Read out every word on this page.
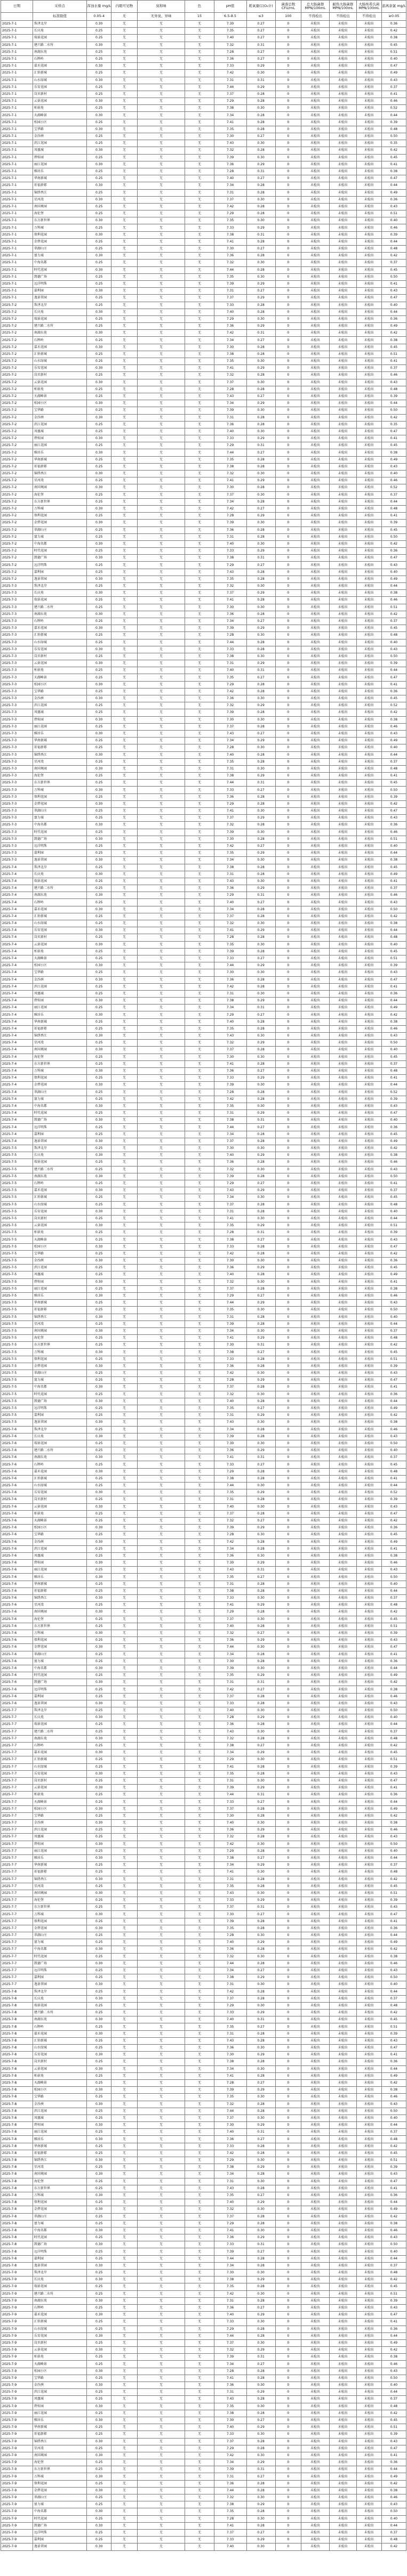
日期	采样点	浑浊水量 mg/L	内眼可见物	臭和味	色	pH值	耗氧量(以O₂计)	菌落总数 CFU/mL	总大肠菌群 MPN/100mL	耐热大肠菌群 MPN/100mL	大肠埃希氏菌 MPN/100mL	游离余氯 mg/L
	标准限值	0.05-4	无	无异臭、异味	15	6.5-8.5	≤3	100	不得检出	不得检出	不得检出	≥0.05
2025-7-1	珠泽北岸	0.30	无	无	无	7.30	0.27	0	未检出	未检出	未检出	0.36
2025-7-1	长庆苑	0.25	无	无	无	7.35	0.27	0	未检出	未检出	未检出	0.42
2025-7-1	瑞景花园	0.25	无	无	无	7.40	0.27	0	未检出	未检出	未检出	0.38
2025-7-1	建兴路二水所	0.30	无	无	无	7.32	0.31	0	未检出	未检出	未检出	0.45
2025-7-1	南湖东苑	0.25	无	无	无	7.28	0.27	0	未检出	未检出	未检出	0.51
2025-7-1	石牌岭	0.25	无	无	无	7.36	0.27	0	未检出	未检出	未检出	0.40
2025-7-1	嘉禾花园	0.30	无	无	无	7.33	0.29	0	未检出	未检出	未检出	0.47
2025-7-1	汇侨新城	0.25	无	无	无	7.42	0.30	0	未检出	未检出	未检出	0.49
2025-7-1	山水绿城	0.30	无	无	无	7.31	0.31	0	未检出	未检出	未检出	0.43
2025-7-1	乐安花园	0.25	无	无	无	7.44	0.29	0	未检出	未检出	未检出	0.37
2025-7-1	岗贝新村	0.25	无	无	无	7.37	0.28	0	未检出	未检出	未检出	0.41
2025-7-1	云景花园	0.30	无	无	无	7.29	0.28	0	未检出	未检出	未检出	0.46
2025-7-1	柏景苑	0.25	无	无	无	7.38	0.30	0	未检出	未检出	未检出	0.52
2025-7-1	天湖峰景	0.30	无	无	无	7.34	0.28	0	未检出	未检出	未检出	0.44
2025-7-1	松园小区	0.25	无	无	无	7.41	0.28	0	未检出	未检出	未检出	0.39
2025-7-1	宝华路	0.30	无	无	无	7.35	0.28	0	未检出	未检出	未检出	0.48
2025-7-1	金沙洲	0.25	无	无	无	7.30	0.27	0	未检出	未检出	未检出	0.50
2025-7-1	滨江花园	0.25	无	无	无	7.43	0.30	0	未检出	未检出	未检出	0.35
2025-7-1	凤凰城	0.30	无	无	无	7.32	0.28	0	未检出	未检出	未检出	0.42
2025-7-1	碧桂园	0.25	无	无	无	7.39	0.30	0	未检出	未检出	未检出	0.45
2025-7-1	丽江花园	0.30	无	无	无	7.36	0.29	0	未检出	未检出	未检出	0.41
2025-7-1	雅居乐	0.25	无	无	无	7.28	0.31	0	未检出	未检出	未检出	0.38
2025-7-1	华南新城	0.25	无	无	无	7.40	0.27	0	未检出	未检出	未检出	0.47
2025-7-1	祈福新邨	0.30	无	无	无	7.34	0.28	0	未检出	未检出	未检出	0.44
2025-7-1	锦绣香江	0.25	无	无	无	7.31	0.28	0	未检出	未检出	未检出	0.49
2025-7-1	星河湾	0.30	无	无	无	7.37	0.30	0	未检出	未检出	未检出	0.36
2025-7-1	南国奥园	0.25	无	无	无	7.42	0.28	0	未检出	未检出	未检出	0.43
2025-7-1	海伦堡	0.25	无	无	无	7.29	0.28	0	未检出	未检出	未检出	0.51
2025-7-1	东方新世界	0.30	无	无	无	7.35	0.30	0	未检出	未检出	未检出	0.40
2025-7-1	万科城	0.25	无	无	无	7.33	0.29	0	未检出	未检出	未检出	0.46
2025-7-1	保利花园	0.30	无	无	无	7.38	0.31	0	未检出	未检出	未检出	0.39
2025-7-1	金碧花园	0.25	无	无	无	7.41	0.28	0	未检出	未检出	未检出	0.44
2025-7-1	翠湖山庄	0.25	无	无	无	7.30	0.27	0	未检出	未检出	未检出	0.48
2025-7-1	富力城	0.30	无	无	无	7.36	0.28	0	未检出	未检出	未检出	0.42
2025-7-1	中海名都	0.25	无	无	无	7.32	0.30	0	未检出	未检出	未检出	0.37
2025-7-1	时代花园	0.30	无	无	无	7.44	0.28	0	未检出	未检出	未检出	0.45
2025-7-1	凯德广场	0.25	无	无	无	7.35	0.30	0	未检出	未检出	未检出	0.50
2025-7-1	远洋明珠	0.25	无	无	无	7.39	0.29	0	未检出	未检出	未检出	0.41
2025-7-1	嘉利园	0.30	无	无	无	7.31	0.27	0	未检出	未检出	未检出	0.43
2025-7-1	逸景翠园	0.25	无	无	无	7.37	0.29	0	未检出	未检出	未检出	0.47
2025-7-2	珠泽北岸	0.25	无	无	无	7.33	0.28	0	未检出	未检出	未检出	0.40
2025-7-2	长庆苑	0.30	无	无	无	7.40	0.28	0	未检出	未检出	未检出	0.44
2025-7-2	瑞景花园	0.25	无	无	无	7.29	0.30	0	未检出	未检出	未检出	0.36
2025-7-2	建兴路二水所	0.25	无	无	无	7.36	0.29	0	未检出	未检出	未检出	0.49
2025-7-2	南湖东苑	0.30	无	无	无	7.42	0.31	0	未检出	未检出	未检出	0.42
2025-7-2	石牌岭	0.25	无	无	无	7.34	0.27	0	未检出	未检出	未检出	0.38
2025-7-2	嘉禾花园	0.30	无	无	无	7.30	0.28	0	未检出	未检出	未检出	0.45
2025-7-2	汇侨新城	0.25	无	无	无	7.38	0.28	0	未检出	未检出	未检出	0.51
2025-7-2	山水绿城	0.25	无	无	无	7.35	0.30	0	未检出	未检出	未检出	0.41
2025-7-2	乐安花园	0.30	无	无	无	7.41	0.29	0	未检出	未检出	未检出	0.37
2025-7-2	岗贝新村	0.25	无	无	无	7.32	0.28	0	未检出	未检出	未检出	0.46
2025-7-2	云景花园	0.30	无	无	无	7.37	0.30	0	未检出	未检出	未检出	0.43
2025-7-2	柏景苑	0.25	无	无	无	7.28	0.28	0	未检出	未检出	未检出	0.48
2025-7-2	天湖峰景	0.25	无	无	无	7.43	0.27	0	未检出	未检出	未检出	0.39
2025-7-2	松园小区	0.30	无	无	无	7.34	0.29	0	未检出	未检出	未检出	0.44
2025-7-2	宝华路	0.25	无	无	无	7.39	0.30	0	未检出	未检出	未检出	0.50
2025-7-2	金沙洲	0.30	无	无	无	7.31	0.28	0	未检出	未检出	未检出	0.42
2025-7-2	滨江花园	0.25	无	无	无	7.36	0.28	0	未检出	未检出	未检出	0.35
2025-7-2	凤凰城	0.25	无	无	无	7.40	0.30	0	未检出	未检出	未检出	0.47
2025-7-2	碧桂园	0.30	无	无	无	7.33	0.29	0	未检出	未检出	未检出	0.41
2025-7-2	丽江花园	0.25	无	无	无	7.29	0.31	0	未检出	未检出	未检出	0.45
2025-7-2	雅居乐	0.30	无	无	无	7.44	0.27	0	未检出	未检出	未检出	0.38
2025-7-2	华南新城	0.25	无	无	无	7.35	0.28	0	未检出	未检出	未检出	0.49
2025-7-2	祈福新邨	0.25	无	无	无	7.38	0.28	0	未检出	未检出	未检出	0.43
2025-7-2	锦绣香江	0.30	无	无	无	7.32	0.30	0	未检出	未检出	未检出	0.40
2025-7-2	星河湾	0.25	无	无	无	7.41	0.29	0	未检出	未检出	未检出	0.46
2025-7-2	南国奥园	0.30	无	无	无	7.30	0.28	0	未检出	未检出	未检出	0.52
2025-7-2	海伦堡	0.25	无	无	无	7.37	0.30	0	未检出	未检出	未检出	0.37
2025-7-2	东方新世界	0.25	无	无	无	7.34	0.28	0	未检出	未检出	未检出	0.44
2025-7-2	万科城	0.30	无	无	无	7.42	0.27	0	未检出	未检出	未检出	0.48
2025-7-2	保利花园	0.25	无	无	无	7.28	0.29	0	未检出	未检出	未检出	0.41
2025-7-2	金碧花园	0.30	无	无	无	7.39	0.30	0	未检出	未检出	未检出	0.39
2025-7-2	翠湖山庄	0.25	无	无	无	7.36	0.28	0	未检出	未检出	未检出	0.45
2025-7-2	富力城	0.25	无	无	无	7.31	0.28	0	未检出	未检出	未检出	0.50
2025-7-2	中海名都	0.30	无	无	无	7.40	0.30	0	未检出	未检出	未检出	0.42
2025-7-2	时代花园	0.25	无	无	无	7.33	0.29	0	未检出	未检出	未检出	0.36
2025-7-2	凯德广场	0.30	无	无	无	7.38	0.31	0	未检出	未检出	未检出	0.47
2025-7-2	远洋明珠	0.25	无	无	无	7.29	0.27	0	未检出	未检出	未检出	0.43
2025-7-2	嘉利园	0.25	无	无	无	7.43	0.28	0	未检出	未检出	未检出	0.40
2025-7-2	逸景翠园	0.30	无	无	无	7.35	0.28	0	未检出	未检出	未检出	0.49
2025-7-3	珠泽北岸	0.25	无	无	无	7.32	0.30	0	未检出	未检出	未检出	0.44
2025-7-3	长庆苑	0.30	无	无	无	7.37	0.29	0	未检出	未检出	未检出	0.38
2025-7-3	瑞景花园	0.25	无	无	无	7.41	0.28	0	未检出	未检出	未检出	0.46
2025-7-3	建兴路二水所	0.25	无	无	无	7.30	0.30	0	未检出	未检出	未检出	0.51
2025-7-3	南湖东苑	0.30	无	无	无	7.36	0.28	0	未检出	未检出	未检出	0.42
2025-7-3	石牌岭	0.25	无	无	无	7.34	0.27	0	未检出	未检出	未检出	0.37
2025-7-3	嘉禾花园	0.30	无	无	无	7.39	0.29	0	未检出	未检出	未检出	0.45
2025-7-3	汇侨新城	0.25	无	无	无	7.28	0.30	0	未检出	未检出	未检出	0.48
2025-7-3	山水绿城	0.25	无	无	无	7.44	0.28	0	未检出	未检出	未检出	0.40
2025-7-3	乐安花园	0.30	无	无	无	7.33	0.28	0	未检出	未检出	未检出	0.43
2025-7-3	岗贝新村	0.25	无	无	无	7.38	0.30	0	未检出	未检出	未检出	0.50
2025-7-3	云景花园	0.30	无	无	无	7.31	0.29	0	未检出	未检出	未检出	0.39
2025-7-3	柏景苑	0.25	无	无	无	7.40	0.31	0	未检出	未检出	未检出	0.44
2025-7-3	天湖峰景	0.25	无	无	无	7.35	0.27	0	未检出	未检出	未检出	0.47
2025-7-3	松园小区	0.30	无	无	无	7.29	0.28	0	未检出	未检出	未检出	0.41
2025-7-3	宝华路	0.25	无	无	无	7.42	0.28	0	未检出	未检出	未检出	0.36
2025-7-3	金沙洲	0.30	无	无	无	7.36	0.30	0	未检出	未检出	未检出	0.45
2025-7-3	滨江花园	0.25	无	无	无	7.32	0.29	0	未检出	未检出	未检出	0.52
2025-7-3	凤凰城	0.25	无	无	无	7.39	0.28	0	未检出	未检出	未检出	0.42
2025-7-3	碧桂园	0.30	无	无	无	7.30	0.30	0	未检出	未检出	未检出	0.38
2025-7-3	丽江花园	0.25	无	无	无	7.37	0.28	0	未检出	未检出	未检出	0.46
2025-7-3	雅居乐	0.30	无	无	无	7.43	0.27	0	未检出	未检出	未检出	0.43
2025-7-3	华南新城	0.25	无	无	无	7.34	0.29	0	未检出	未检出	未检出	0.49
2025-7-3	祈福新邨	0.25	无	无	无	7.28	0.30	0	未检出	未检出	未检出	0.40
2025-7-3	锦绣香江	0.30	无	无	无	7.40	0.28	0	未检出	未检出	未检出	0.44
2025-7-3	星河湾	0.25	无	无	无	7.35	0.28	0	未检出	未检出	未检出	0.37
2025-7-3	南国奥园	0.30	无	无	无	7.31	0.30	0	未检出	未检出	未检出	0.48
2025-7-3	海伦堡	0.25	无	无	无	7.38	0.29	0	未检出	未检出	未检出	0.41
2025-7-3	东方新世界	0.25	无	无	无	7.44	0.31	0	未检出	未检出	未检出	0.45
2025-7-3	万科城	0.30	无	无	无	7.33	0.27	0	未检出	未检出	未检出	0.50
2025-7-3	保利花园	0.25	无	无	无	7.36	0.28	0	未检出	未检出	未检出	0.39
2025-7-3	金碧花园	0.30	无	无	无	7.29	0.28	0	未检出	未检出	未检出	0.42
2025-7-3	翠湖山庄	0.25	无	无	无	7.41	0.30	0	未检出	未检出	未检出	0.47
2025-7-3	富力城	0.25	无	无	无	7.37	0.29	0	未检出	未检出	未检出	0.43
2025-7-3	中海名都	0.30	无	无	无	7.32	0.28	0	未检出	未检出	未检出	0.36
2025-7-3	时代花园	0.25	无	无	无	7.39	0.30	0	未检出	未检出	未检出	0.46
2025-7-3	凯德广场	0.30	无	无	无	7.30	0.28	0	未检出	未检出	未检出	0.51
2025-7-3	远洋明珠	0.25	无	无	无	7.42	0.27	0	未检出	未检出	未检出	0.40
2025-7-3	嘉利园	0.25	无	无	无	7.35	0.29	0	未检出	未检出	未检出	0.44
2025-7-3	逸景翠园	0.30	无	无	无	7.34	0.30	0	未检出	未检出	未检出	0.38
2025-7-4	珠泽北岸	0.25	无	无	无	7.38	0.28	0	未检出	未检出	未检出	0.45
2025-7-4	长庆苑	0.30	无	无	无	7.31	0.28	0	未检出	未检出	未检出	0.49
2025-7-4	瑞景花园	0.25	无	无	无	7.43	0.30	0	未检出	未检出	未检出	0.41
2025-7-4	建兴路二水所	0.25	无	无	无	7.36	0.29	0	未检出	未检出	未检出	0.37
2025-7-4	南湖东苑	0.30	无	无	无	7.29	0.31	0	未检出	未检出	未检出	0.46
2025-7-4	石牌岭	0.25	无	无	无	7.40	0.27	0	未检出	未检出	未检出	0.43
2025-7-4	嘉禾花园	0.30	无	无	无	7.34	0.28	0	未检出	未检出	未检出	0.50
2025-7-4	汇侨新城	0.25	无	无	无	7.37	0.28	0	未检出	未检出	未检出	0.42
2025-7-4	山水绿城	0.25	无	无	无	7.32	0.30	0	未检出	未检出	未检出	0.38
2025-7-4	乐安花园	0.30	无	无	无	7.41	0.29	0	未检出	未检出	未检出	0.44
2025-7-4	岗贝新村	0.25	无	无	无	7.28	0.28	0	未检出	未检出	未检出	0.48
2025-7-4	云景花园	0.30	无	无	无	7.35	0.30	0	未检出	未检出	未检出	0.40
2025-7-4	柏景苑	0.25	无	无	无	7.39	0.28	0	未检出	未检出	未检出	0.45
2025-7-4	天湖峰景	0.25	无	无	无	7.33	0.27	0	未检出	未检出	未检出	0.51
2025-7-4	松园小区	0.30	无	无	无	7.44	0.29	0	未检出	未检出	未检出	0.39
2025-7-4	宝华路	0.25	无	无	无	7.30	0.30	0	未检出	未检出	未检出	0.43
2025-7-4	金沙洲	0.30	无	无	无	7.36	0.28	0	未检出	未检出	未检出	0.47
2025-7-4	滨江花园	0.25	无	无	无	7.42	0.28	0	未检出	未检出	未检出	0.41
2025-7-4	凤凰城	0.25	无	无	无	7.31	0.30	0	未检出	未检出	未检出	0.36
2025-7-4	碧桂园	0.30	无	无	无	7.38	0.29	0	未检出	未检出	未检出	0.44
2025-7-4	丽江花园	0.25	无	无	无	7.34	0.31	0	未检出	未检出	未检出	0.49
2025-7-4	雅居乐	0.30	无	无	无	7.29	0.27	0	未检出	未检出	未检出	0.42
2025-7-4	华南新城	0.25	无	无	无	7.40	0.28	0	未检出	未检出	未检出	0.38
2025-7-4	祈福新邨	0.25	无	无	无	7.35	0.28	0	未检出	未检出	未检出	0.46
2025-7-4	锦绣香江	0.30	无	无	无	7.43	0.30	0	未检出	未检出	未检出	0.43
2025-7-4	星河湾	0.25	无	无	无	7.32	0.29	0	未检出	未检出	未检出	0.50
2025-7-4	南国奥园	0.30	无	无	无	7.37	0.28	0	未检出	未检出	未检出	0.40
2025-7-4	海伦堡	0.25	无	无	无	7.30	0.30	0	未检出	未检出	未检出	0.45
2025-7-4	东方新世界	0.25	无	无	无	7.41	0.28	0	未检出	未检出	未检出	0.37
2025-7-4	万科城	0.30	无	无	无	7.36	0.27	0	未检出	未检出	未检出	0.48
2025-7-4	保利花园	0.25	无	无	无	7.33	0.29	0	未检出	未检出	未检出	0.41
2025-7-4	金碧花园	0.30	无	无	无	7.39	0.30	0	未检出	未检出	未检出	0.44
2025-7-4	翠湖山庄	0.25	无	无	无	7.28	0.28	0	未检出	未检出	未检出	0.52
2025-7-4	富力城	0.25	无	无	无	7.42	0.28	0	未检出	未检出	未检出	0.39
2025-7-4	中海名都	0.30	无	无	无	7.35	0.30	0	未检出	未检出	未检出	0.43
2025-7-4	时代花园	0.25	无	无	无	7.31	0.29	0	未检出	未检出	未检出	0.47
2025-7-4	凯德广场	0.30	无	无	无	7.38	0.31	0	未检出	未检出	未检出	0.40
2025-7-4	远洋明珠	0.25	无	无	无	7.44	0.27	0	未检出	未检出	未检出	0.36
2025-7-4	嘉利园	0.25	无	无	无	7.34	0.28	0	未检出	未检出	未检出	0.45
2025-7-4	逸景翠园	0.30	无	无	无	7.37	0.28	0	未检出	未检出	未检出	0.49
2025-7-5	珠泽北岸	0.25	无	无	无	7.30	0.30	0	未检出	未检出	未检出	0.42
2025-7-5	长庆苑	0.30	无	无	无	7.40	0.29	0	未检出	未检出	未检出	0.38
2025-7-5	瑞景花园	0.25	无	无	无	7.36	0.28	0	未检出	未检出	未检出	0.46
2025-7-5	建兴路二水所	0.25	无	无	无	7.32	0.30	0	未检出	未检出	未检出	0.43
2025-7-5	南湖东苑	0.30	无	无	无	7.39	0.28	0	未检出	未检出	未检出	0.50
2025-7-5	石牌岭	0.25	无	无	无	7.29	0.27	0	未检出	未检出	未检出	0.41
2025-7-5	嘉禾花园	0.30	无	无	无	7.43	0.29	0	未检出	未检出	未检出	0.37
2025-7-5	汇侨新城	0.25	无	无	无	7.34	0.30	0	未检出	未检出	未检出	0.45
2025-7-5	山水绿城	0.25	无	无	无	7.37	0.28	0	未检出	未检出	未检出	0.48
2025-7-5	乐安花园	0.30	无	无	无	7.31	0.28	0	未检出	未检出	未检出	0.40
2025-7-5	岗贝新村	0.25	无	无	无	7.41	0.30	0	未检出	未检出	未检出	0.44
2025-7-5	云景花园	0.30	无	无	无	7.35	0.29	0	未检出	未检出	未检出	0.51
2025-7-5	柏景苑	0.25	无	无	无	7.28	0.31	0	未检出	未检出	未检出	0.39
2025-7-5	天湖峰景	0.25	无	无	无	7.38	0.27	0	未检出	未检出	未检出	0.43
2025-7-5	松园小区	0.30	无	无	无	7.33	0.28	0	未检出	未检出	未检出	0.47
2025-7-5	宝华路	0.25	无	无	无	7.42	0.28	0	未检出	未检出	未检出	0.42
2025-7-5	金沙洲	0.30	无	无	无	7.30	0.30	0	未检出	未检出	未检出	0.36
2025-7-5	滨江花园	0.25	无	无	无	7.36	0.29	0	未检出	未检出	未检出	0.45
2025-7-5	凤凰城	0.25	无	无	无	7.40	0.28	0	未检出	未检出	未检出	0.49
2025-7-5	碧桂园	0.30	无	无	无	7.32	0.30	0	未检出	未检出	未检出	0.41
2025-7-5	丽江花园	0.25	无	无	无	7.37	0.28	0	未检出	未检出	未检出	0.38
2025-7-5	雅居乐	0.30	无	无	无	7.29	0.27	0	未检出	未检出	未检出	0.46
2025-7-5	华南新城	0.25	无	无	无	7.44	0.29	0	未检出	未检出	未检出	0.43
2025-7-5	祈福新邨	0.25	无	无	无	7.35	0.30	0	未检出	未检出	未检出	0.50
2025-7-5	锦绣香江	0.30	无	无	无	7.31	0.28	0	未检出	未检出	未检出	0.40
2025-7-5	星河湾	0.25	无	无	无	7.39	0.28	0	未检出	未检出	未检出	0.44
2025-7-5	南国奥园	0.30	无	无	无	7.34	0.30	0	未检出	未检出	未检出	0.37
2025-7-5	海伦堡	0.25	无	无	无	7.41	0.29	0	未检出	未检出	未检出	0.48
2025-7-5	东方新世界	0.25	无	无	无	7.30	0.31	0	未检出	未检出	未检出	0.42
2025-7-5	万科城	0.30	无	无	无	7.38	0.27	0	未检出	未检出	未检出	0.45
2025-7-5	保利花园	0.25	无	无	无	7.33	0.28	0	未检出	未检出	未检出	0.51
2025-7-5	金碧花园	0.30	无	无	无	7.36	0.28	0	未检出	未检出	未检出	0.39
2025-7-5	翠湖山庄	0.25	无	无	无	7.42	0.30	0	未检出	未检出	未检出	0.43
2025-7-5	富力城	0.25	无	无	无	7.28	0.29	0	未检出	未检出	未检出	0.47
2025-7-5	中海名都	0.30	无	无	无	7.37	0.28	0	未检出	未检出	未检出	0.41
2025-7-5	时代花园	0.25	无	无	无	7.32	0.30	0	未检出	未检出	未检出	0.36
2025-7-5	凯德广场	0.30	无	无	无	7.40	0.28	0	未检出	未检出	未检出	0.44
2025-7-5	远洋明珠	0.25	无	无	无	7.35	0.27	0	未检出	未检出	未检出	0.49
2025-7-5	嘉利园	0.25	无	无	无	7.31	0.29	0	未检出	未检出	未检出	0.42
2025-7-5	逸景翠园	0.30	无	无	无	7.43	0.30	0	未检出	未检出	未检出	0.38
2025-7-6	珠泽北岸	0.25	无	无	无	7.34	0.28	0	未检出	未检出	未检出	0.46
2025-7-6	长庆苑	0.30	无	无	无	7.39	0.28	0	未检出	未检出	未检出	0.43
2025-7-6	瑞景花园	0.25	无	无	无	7.30	0.30	0	未检出	未检出	未检出	0.50
2025-7-6	建兴路二水所	0.25	无	无	无	7.36	0.29	0	未检出	未检出	未检出	0.40
2025-7-6	南湖东苑	0.30	无	无	无	7.41	0.31	0	未检出	未检出	未检出	0.37
2025-7-6	石牌岭	0.25	无	无	无	7.33	0.27	0	未检出	未检出	未检出	0.45
2025-7-6	嘉禾花园	0.30	无	无	无	7.29	0.28	0	未检出	未检出	未检出	0.48
2025-7-6	汇侨新城	0.25	无	无	无	7.38	0.28	0	未检出	未检出	未检出	0.41
2025-7-6	山水绿城	0.25	无	无	无	7.44	0.30	0	未检出	未检出	未检出	0.44
2025-7-6	乐安花园	0.30	无	无	无	7.35	0.29	0	未检出	未检出	未检出	0.52
2025-7-6	岗贝新村	0.25	无	无	无	7.31	0.28	0	未检出	未检出	未检出	0.39
2025-7-6	云景花园	0.30	无	无	无	7.40	0.30	0	未检出	未检出	未检出	0.43
2025-7-6	柏景苑	0.25	无	无	无	7.37	0.28	0	未检出	未检出	未检出	0.47
2025-7-6	天湖峰景	0.25	无	无	无	7.32	0.27	0	未检出	未检出	未检出	0.42
2025-7-6	松园小区	0.30	无	无	无	7.39	0.29	0	未检出	未检出	未检出	0.36
2025-7-6	宝华路	0.25	无	无	无	7.28	0.30	0	未检出	未检出	未检出	0.45
2025-7-6	金沙洲	0.30	无	无	无	7.42	0.28	0	未检出	未检出	未检出	0.49
2025-7-6	滨江花园	0.25	无	无	无	7.34	0.28	0	未检出	未检出	未检出	0.41
2025-7-6	凤凰城	0.25	无	无	无	7.36	0.30	0	未检出	未检出	未检出	0.38
2025-7-6	碧桂园	0.30	无	无	无	7.30	0.29	0	未检出	未检出	未检出	0.46
2025-7-6	丽江花园	0.25	无	无	无	7.43	0.31	0	未检出	未检出	未检出	0.43
2025-7-6	雅居乐	0.30	无	无	无	7.35	0.27	0	未检出	未检出	未检出	0.50
2025-7-6	华南新城	0.25	无	无	无	7.31	0.28	0	未检出	未检出	未检出	0.40
2025-7-6	祈福新邨	0.25	无	无	无	7.38	0.28	0	未检出	未检出	未检出	0.44
2025-7-6	锦绣香江	0.30	无	无	无	7.33	0.30	0	未检出	未检出	未检出	0.37
2025-7-6	星河湾	0.25	无	无	无	7.41	0.29	0	未检出	未检出	未检出	0.48
2025-7-6	南国奥园	0.30	无	无	无	7.29	0.28	0	未检出	未检出	未检出	0.42
2025-7-6	海伦堡	0.25	无	无	无	7.37	0.30	0	未检出	未检出	未检出	0.45
2025-7-6	东方新世界	0.25	无	无	无	7.40	0.28	0	未检出	未检出	未检出	0.51
2025-7-6	万科城	0.30	无	无	无	7.32	0.27	0	未检出	未检出	未检出	0.39
2025-7-6	保利花园	0.25	无	无	无	7.36	0.29	0	未检出	未检出	未检出	0.43
2025-7-6	金碧花园	0.30	无	无	无	7.44	0.30	0	未检出	未检出	未检出	0.47
2025-7-6	翠湖山庄	0.25	无	无	无	7.34	0.28	0	未检出	未检出	未检出	0.41
2025-7-6	富力城	0.25	无	无	无	7.30	0.28	0	未检出	未检出	未检出	0.36
2025-7-6	中海名都	0.30	无	无	无	7.39	0.30	0	未检出	未检出	未检出	0.44
2025-7-6	时代花园	0.25	无	无	无	7.35	0.29	0	未检出	未检出	未检出	0.49
2025-7-6	凯德广场	0.30	无	无	无	7.31	0.31	0	未检出	未检出	未检出	0.42
2025-7-6	远洋明珠	0.25	无	无	无	7.42	0.27	0	未检出	未检出	未检出	0.38
2025-7-6	嘉利园	0.25	无	无	无	7.37	0.28	0	未检出	未检出	未检出	0.46
2025-7-6	逸景翠园	0.30	无	无	无	7.33	0.28	0	未检出	未检出	未检出	0.43
2025-7-7	珠泽北岸	0.25	无	无	无	7.40	0.30	0	未检出	未检出	未检出	0.50
2025-7-7	长庆苑	0.30	无	无	无	7.28	0.29	0	未检出	未检出	未检出	0.40
2025-7-7	瑞景花园	0.25	无	无	无	7.36	0.28	0	未检出	未检出	未检出	0.44
2025-7-7	建兴路二水所	0.25	无	无	无	7.43	0.30	0	未检出	未检出	未检出	0.37
2025-7-7	南湖东苑	0.30	无	无	无	7.32	0.28	0	未检出	未检出	未检出	0.48
2025-7-7	石牌岭	0.25	无	无	无	7.38	0.27	0	未检出	未检出	未检出	0.42
2025-7-7	嘉禾花园	0.30	无	无	无	7.34	0.29	0	未检出	未检出	未检出	0.45
2025-7-7	汇侨新城	0.25	无	无	无	7.29	0.30	0	未检出	未检出	未检出	0.51
2025-7-7	山水绿城	0.25	无	无	无	7.41	0.28	0	未检出	未检出	未检出	0.39
2025-7-7	乐安花园	0.30	无	无	无	7.35	0.28	0	未检出	未检出	未检出	0.43
2025-7-7	岗贝新村	0.25	无	无	无	7.31	0.30	0	未检出	未检出	未检出	0.47
2025-7-7	云景花园	0.30	无	无	无	7.39	0.29	0	未检出	未检出	未检出	0.41
2025-7-7	柏景苑	0.25	无	无	无	7.44	0.31	0	未检出	未检出	未检出	0.36
2025-7-7	天湖峰景	0.25	无	无	无	7.33	0.27	0	未检出	未检出	未检出	0.44
2025-7-7	松园小区	0.30	无	无	无	7.37	0.28	0	未检出	未检出	未检出	0.49
2025-7-7	宝华路	0.25	无	无	无	7.30	0.28	0	未检出	未检出	未检出	0.42
2025-7-7	金沙洲	0.30	无	无	无	7.40	0.30	0	未检出	未检出	未检出	0.38
2025-7-7	滨江花园	0.25	无	无	无	7.36	0.29	0	未检出	未检出	未检出	0.46
2025-7-7	凤凰城	0.25	无	无	无	7.32	0.28	0	未检出	未检出	未检出	0.43
2025-7-7	碧桂园	0.30	无	无	无	7.42	0.30	0	未检出	未检出	未检出	0.50
2025-7-7	丽江花园	0.25	无	无	无	7.29	0.28	0	未检出	未检出	未检出	0.40
2025-7-7	雅居乐	0.30	无	无	无	7.38	0.27	0	未检出	未检出	未检出	0.44
2025-7-7	华南新城	0.25	无	无	无	7.34	0.29	0	未检出	未检出	未检出	0.37
2025-7-7	祈福新邨	0.25	无	无	无	7.41	0.30	0	未检出	未检出	未检出	0.48
2025-7-7	锦绣香江	0.30	无	无	无	7.31	0.28	0	未检出	未检出	未检出	0.42
2025-7-7	星河湾	0.25	无	无	无	7.35	0.28	0	未检出	未检出	未检出	0.45
2025-7-7	南国奥园	0.30	无	无	无	7.43	0.30	0	未检出	未检出	未检出	0.51
2025-7-7	海伦堡	0.25	无	无	无	7.33	0.29	0	未检出	未检出	未检出	0.39
2025-7-7	东方新世界	0.25	无	无	无	7.37	0.31	0	未检出	未检出	未检出	0.43
2025-7-7	万科城	0.30	无	无	无	7.30	0.27	0	未检出	未检出	未检出	0.47
2025-7-7	保利花园	0.25	无	无	无	7.39	0.28	0	未检出	未检出	未检出	0.41
2025-7-7	金碧花园	0.30	无	无	无	7.35	0.28	0	未检出	未检出	未检出	0.36
2025-7-7	翠湖山庄	0.25	无	无	无	7.28	0.30	0	未检出	未检出	未检出	0.44
2025-7-7	富力城	0.25	无	无	无	7.40	0.29	0	未检出	未检出	未检出	0.49
2025-7-7	中海名都	0.30	无	无	无	7.36	0.28	0	未检出	未检出	未检出	0.42
2025-7-7	时代花园	0.25	无	无	无	7.32	0.30	0	未检出	未检出	未检出	0.38
2025-7-7	凯德广场	0.30	无	无	无	7.44	0.28	0	未检出	未检出	未检出	0.46
2025-7-7	远洋明珠	0.25	无	无	无	7.34	0.27	0	未检出	未检出	未检出	0.43
2025-7-7	嘉利园	0.25	无	无	无	7.38	0.29	0	未检出	未检出	未检出	0.50
2025-7-7	逸景翠园	0.30	无	无	无	7.31	0.30	0	未检出	未检出	未检出	0.40
2025-7-8	珠泽北岸	0.25	无	无	无	7.42	0.28	0	未检出	未检出	未检出	0.44
2025-7-8	长庆苑	0.30	无	无	无	7.37	0.28	0	未检出	未检出	未检出	0.37
2025-7-8	瑞景花园	0.25	无	无	无	7.29	0.30	0	未检出	未检出	未检出	0.48
2025-7-8	建兴路二水所	0.25	无	无	无	7.33	0.29	0	未检出	未检出	未检出	0.42
2025-7-8	南湖东苑	0.30	无	无	无	7.40	0.31	0	未检出	未检出	未检出	0.45
2025-7-8	石牌岭	0.25	无	无	无	7.35	0.27	0	未检出	未检出	未检出	0.51
2025-7-8	嘉禾花园	0.30	无	无	无	7.31	0.28	0	未检出	未检出	未检出	0.39
2025-7-8	汇侨新城	0.25	无	无	无	7.43	0.28	0	未检出	未检出	未检出	0.43
2025-7-8	山水绿城	0.25	无	无	无	7.36	0.30	0	未检出	未检出	未检出	0.47
2025-7-8	乐安花园	0.30	无	无	无	7.30	0.29	0	未检出	未检出	未检出	0.41
2025-7-8	岗贝新村	0.25	无	无	无	7.38	0.28	0	未检出	未检出	未检出	0.36
2025-7-8	云景花园	0.30	无	无	无	7.34	0.30	0	未检出	未检出	未检出	0.44
2025-7-8	柏景苑	0.25	无	无	无	7.41	0.28	0	未检出	未检出	未检出	0.49
2025-7-8	天湖峰景	0.25	无	无	无	7.28	0.27	0	未检出	未检出	未检出	0.42
2025-7-8	松园小区	0.30	无	无	无	7.39	0.29	0	未检出	未检出	未检出	0.38
2025-7-8	宝华路	0.25	无	无	无	7.35	0.30	0	未检出	未检出	未检出	0.46
2025-7-8	金沙洲	0.30	无	无	无	7.32	0.28	0	未检出	未检出	未检出	0.43
2025-7-8	滨江花园	0.25	无	无	无	7.44	0.28	0	未检出	未检出	未检出	0.50
2025-7-8	凤凰城	0.25	无	无	无	7.37	0.30	0	未检出	未检出	未检出	0.40
2025-7-8	碧桂园	0.30	无	无	无	7.30	0.29	0	未检出	未检出	未检出	0.44
2025-7-8	丽江花园	0.25	无	无	无	7.40	0.31	0	未检出	未检出	未检出	0.37
2025-7-8	雅居乐	0.30	无	无	无	7.36	0.27	0	未检出	未检出	未检出	0.48
2025-7-8	华南新城	0.25	无	无	无	7.33	0.28	0	未检出	未检出	未检出	0.42
2025-7-8	祈福新邨	0.25	无	无	无	7.42	0.28	0	未检出	未检出	未检出	0.45
2025-7-8	锦绣香江	0.30	无	无	无	7.29	0.30	0	未检出	未检出	未检出	0.51
2025-7-8	星河湾	0.25	无	无	无	7.38	0.29	0	未检出	未检出	未检出	0.39
2025-7-8	南国奥园	0.30	无	无	无	7.34	0.28	0	未检出	未检出	未检出	0.43
2025-7-8	海伦堡	0.25	无	无	无	7.31	0.30	0	未检出	未检出	未检出	0.47
2025-7-8	东方新世界	0.25	无	无	无	7.43	0.28	0	未检出	未检出	未检出	0.41
2025-7-8	万科城	0.30	无	无	无	7.35	0.27	0	未检出	未检出	未检出	0.36
2025-7-8	保利花园	0.25	无	无	无	7.40	0.29	0	未检出	未检出	未检出	0.44
2025-7-8	金碧花园	0.30	无	无	无	7.32	0.30	0	未检出	未检出	未检出	0.49
2025-7-8	翠湖山庄	0.25	无	无	无	7.37	0.28	0	未检出	未检出	未检出	0.42
2025-7-8	富力城	0.25	无	无	无	7.29	0.28	0	未检出	未检出	未检出	0.38
2025-7-8	中海名都	0.30	无	无	无	7.41	0.30	0	未检出	未检出	未检出	0.46
2025-7-8	时代花园	0.25	无	无	无	7.36	0.29	0	未检出	未检出	未检出	0.43
2025-7-8	凯德广场	0.30	无	无	无	7.33	0.31	0	未检出	未检出	未检出	0.50
2025-7-8	远洋明珠	0.25	无	无	无	7.39	0.27	0	未检出	未检出	未检出	0.40
2025-7-8	嘉利园	0.25	无	无	无	7.44	0.28	0	未检出	未检出	未检出	0.44
2025-7-8	逸景翠园	0.30	无	无	无	7.34	0.28	0	未检出	未检出	未检出	0.37
2025-7-9	珠泽北岸	0.25	无	无	无	7.30	0.30	0	未检出	未检出	未检出	0.48
2025-7-9	长庆苑	0.30	无	无	无	7.38	0.29	0	未检出	未检出	未检出	0.42
2025-7-9	瑞景花园	0.25	无	无	无	7.35	0.28	0	未检出	未检出	未检出	0.45
2025-7-9	建兴路二水所	0.25	无	无	无	7.42	0.30	0	未检出	未检出	未检出	0.51
2025-7-9	南湖东苑	0.30	无	无	无	7.31	0.28	0	未检出	未检出	未检出	0.39
2025-7-9	石牌岭	0.25	无	无	无	7.36	0.27	0	未检出	未检出	未检出	0.43
2025-7-9	嘉禾花园	0.30	无	无	无	7.40	0.29	0	未检出	未检出	未检出	0.47
2025-7-9	汇侨新城	0.25	无	无	无	7.33	0.30	0	未检出	未检出	未检出	0.41
2025-7-9	山水绿城	0.25	无	无	无	7.29	0.28	0	未检出	未检出	未检出	0.36
2025-7-9	乐安花园	0.30	无	无	无	7.44	0.28	0	未检出	未检出	未检出	0.44
2025-7-9	岗贝新村	0.25	无	无	无	7.37	0.30	0	未检出	未检出	未检出	0.49
2025-7-9	云景花园	0.30	无	无	无	7.32	0.29	0	未检出	未检出	未检出	0.42
2025-7-9	柏景苑	0.25	无	无	无	7.39	0.31	0	未检出	未检出	未检出	0.38
2025-7-9	天湖峰景	0.25	无	无	无	7.34	0.27	0	未检出	未检出	未检出	0.46
2025-7-9	松园小区	0.30	无	无	无	7.28	0.28	0	未检出	未检出	未检出	0.43
2025-7-9	宝华路	0.25	无	无	无	7.41	0.28	0	未检出	未检出	未检出	0.50
2025-7-9	金沙洲	0.30	无	无	无	7.36	0.30	0	未检出	未检出	未检出	0.40
2025-7-9	滨江花园	0.25	无	无	无	7.31	0.29	0	未检出	未检出	未检出	0.44
2025-7-9	凤凰城	0.25	无	无	无	7.43	0.28	0	未检出	未检出	未检出	0.37
2025-7-9	碧桂园	0.30	无	无	无	7.35	0.30	0	未检出	未检出	未检出	0.48
2025-7-9	丽江花园	0.25	无	无	无	7.38	0.28	0	未检出	未检出	未检出	0.42
2025-7-9	雅居乐	0.30	无	无	无	7.30	0.27	0	未检出	未检出	未检出	0.45
2025-7-9	华南新城	0.25	无	无	无	7.40	0.29	0	未检出	未检出	未检出	0.51
2025-7-9	祈福新邨	0.25	无	无	无	7.33	0.30	0	未检出	未检出	未检出	0.39
2025-7-9	锦绣香江	0.30	无	无	无	7.37	0.28	0	未检出	未检出	未检出	0.43
2025-7-9	星河湾	0.25	无	无	无	7.29	0.28	0	未检出	未检出	未检出	0.47
2025-7-9	南国奥园	0.30	无	无	无	7.42	0.30	0	未检出	未检出	未检出	0.41
2025-7-9	海伦堡	0.25	无	无	无	7.34	0.29	0	未检出	未检出	未检出	0.36
2025-7-9	东方新世界	0.25	无	无	无	7.39	0.31	0	未检出	未检出	未检出	0.44
2025-7-9	万科城	0.30	无	无	无	7.31	0.27	0	未检出	未检出	未检出	0.49
2025-7-9	保利花园	0.25	无	无	无	7.36	0.28	0	未检出	未检出	未检出	0.42
2025-7-9	金碧花园	0.30	无	无	无	7.44	0.28	0	未检出	未检出	未检出	0.38
2025-7-9	翠湖山庄	0.25	无	无	无	7.32	0.30	0	未检出	未检出	未检出	0.46
2025-7-9	富力城	0.25	无	无	无	7.38	0.29	0	未检出	未检出	未检出	0.43
2025-7-9	中海名都	0.30	无	无	无	7.35	0.28	0	未检出	未检出	未检出	0.50
2025-7-9	时代花园	0.25	无	无	无	7.28	0.30	0	未检出	未检出	未检出	0.40
2025-7-9	凯德广场	0.30	无	无	无	7.41	0.28	0	未检出	未检出	未检出	0.44
2025-7-9	远洋明珠	0.25	无	无	无	7.37	0.27	0	未检出	未检出	未检出	0.37
2025-7-9	嘉利园	0.25	无	无	无	7.33	0.29	0	未检出	未检出	未检出	0.48
2025-7-9	逸景翠园	0.30	无	无	无	7.40	0.30	0	未检出	未检出	未检出	0.42
